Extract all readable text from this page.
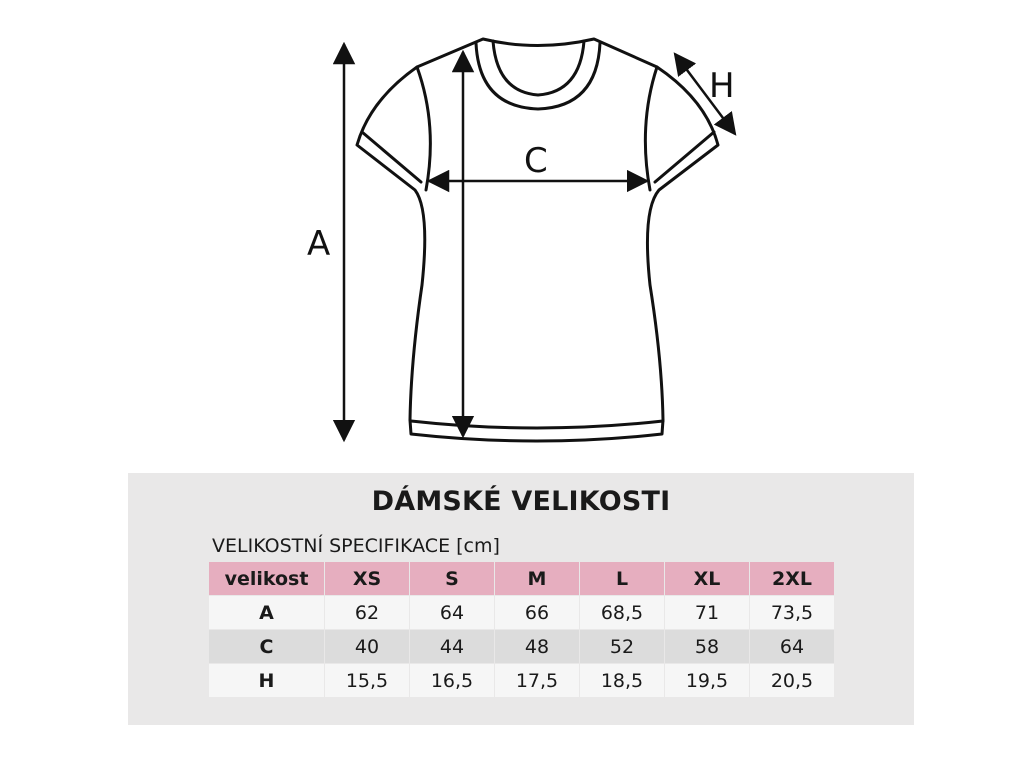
A
C
H
DÁMSKÉ VELIKOSTI
VELIKOSTNÍ SPECIFIKACE [cm]
velikost	XS	S	M	L	XL	2XL
A	62	64	66	68,5	71	73,5
C	40	44	48	52	58	64
H	15,5	16,5	17,5	18,5	19,5	20,5
